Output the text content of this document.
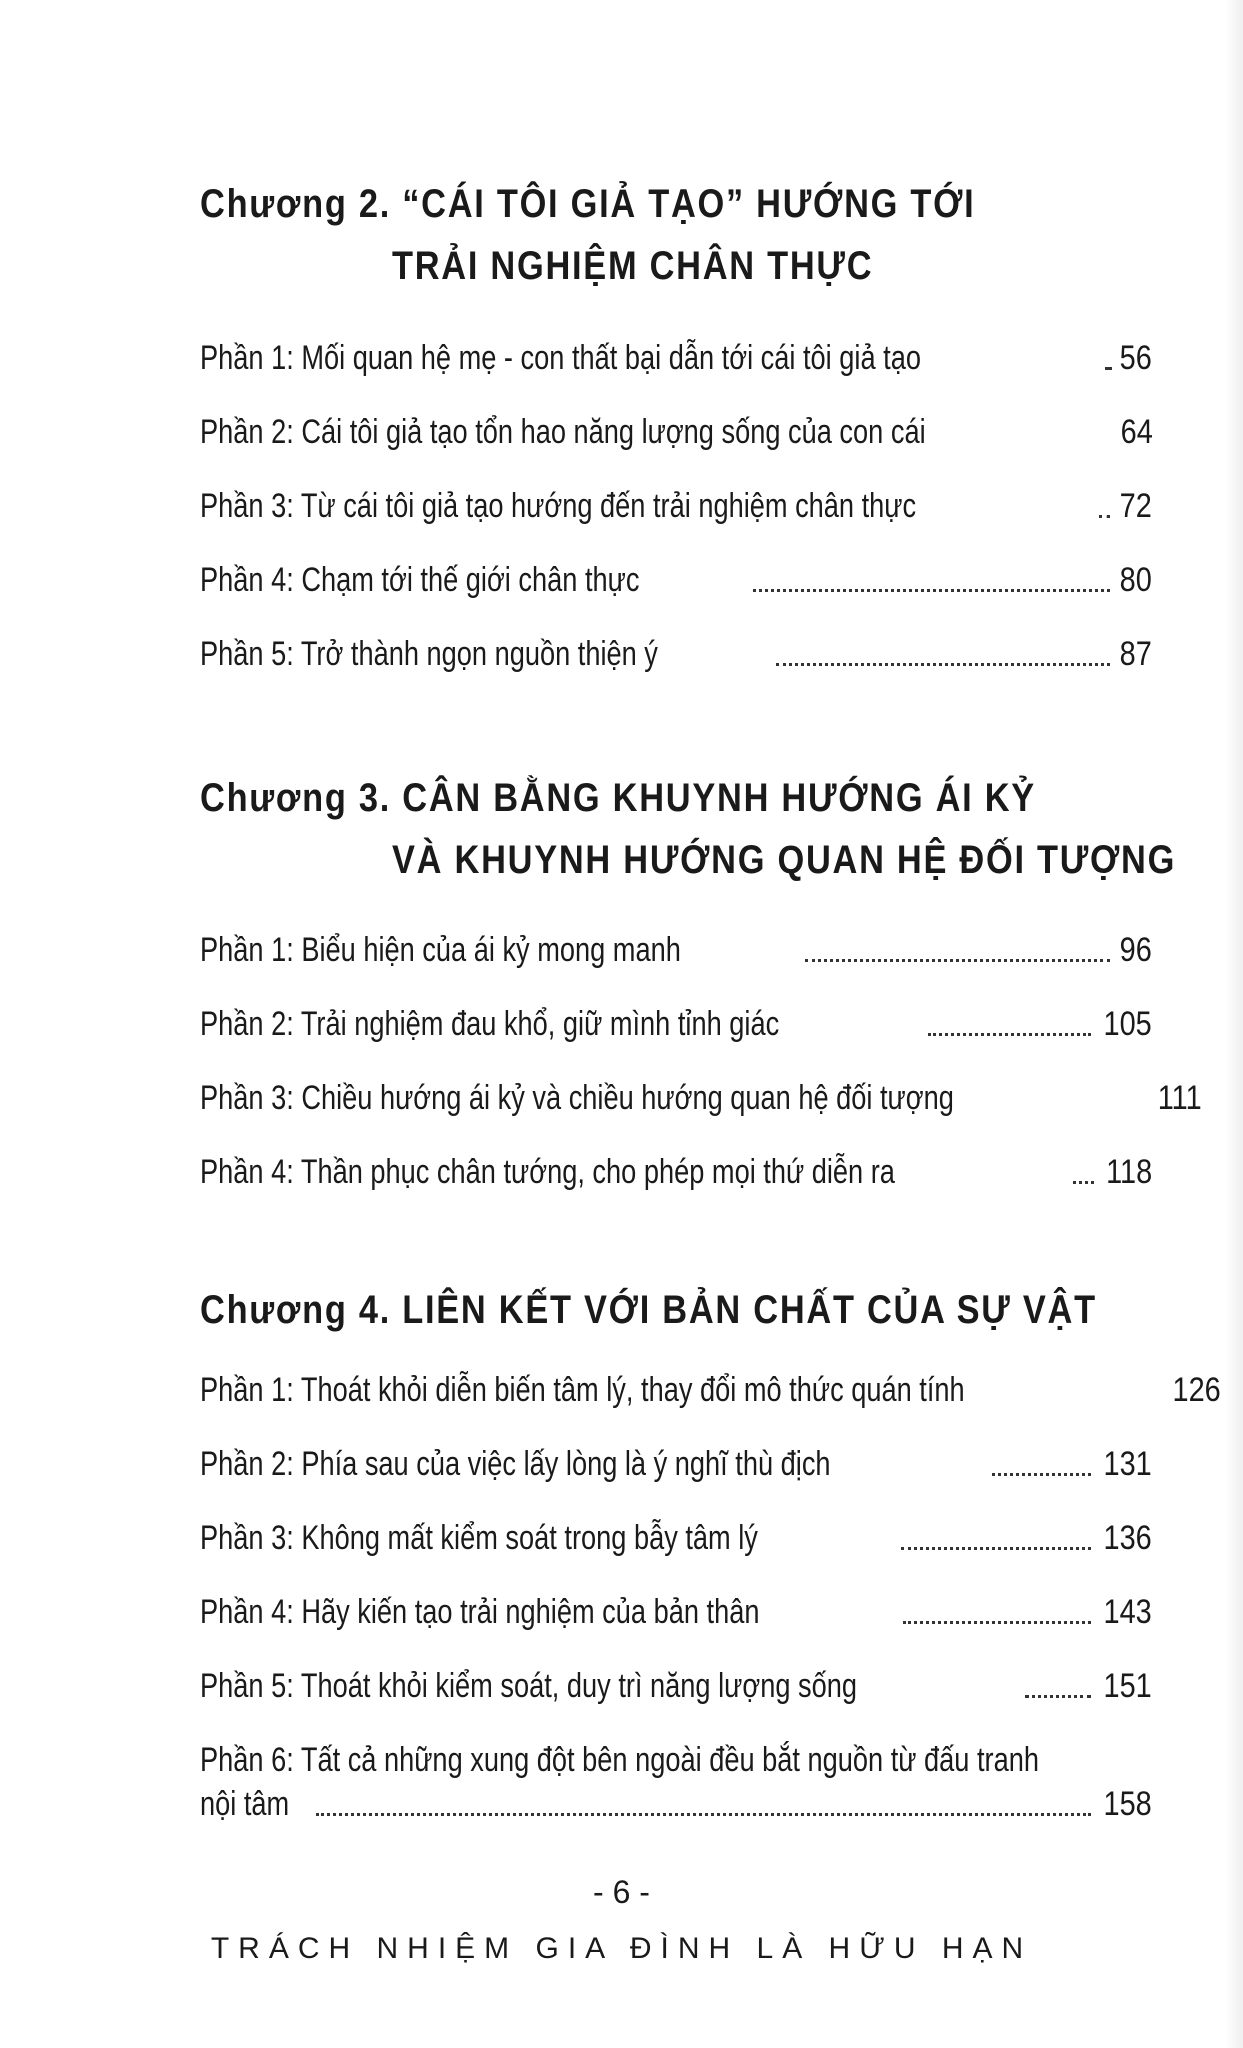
Chương 2. “CÁI TÔI GIẢ TẠO” HƯỚNG TỚI
TRẢI NGHIỆM CHÂN THỰC
Phần 1: Mối quan hệ mẹ - con thất bại dẫn tới cái tôi giả tạo	56
Phần 2: Cái tôi giả tạo tổn hao năng lượng sống của con cái	64
Phần 3: Từ cái tôi giả tạo hướng đến trải nghiệm chân thực	72
Phần 4: Chạm tới thế giới chân thực	80
Phần 5: Trở thành ngọn nguồn thiện ý	87
Chương 3. CÂN BẰNG KHUYNH HƯỚNG ÁI KỶ
VÀ KHUYNH HƯỚNG QUAN HỆ ĐỐI TƯỢNG
Phần 1: Biểu hiện của ái kỷ mong manh	96
Phần 2: Trải nghiệm đau khổ, giữ mình tỉnh giác	105
Phần 3: Chiều hướng ái kỷ và chiều hướng quan hệ đối tượng	111
Phần 4: Thần phục chân tướng, cho phép mọi thứ diễn ra	118
Chương 4. LIÊN KẾT VỚI BẢN CHẤT CỦA SỰ VẬT
Phần 1: Thoát khỏi diễn biến tâm lý, thay đổi mô thức quán tính	126
Phần 2: Phía sau của việc lấy lòng là ý nghĩ thù địch	131
Phần 3: Không mất kiểm soát trong bẫy tâm lý	136
Phần 4: Hãy kiến tạo trải nghiệm của bản thân	143
Phần 5: Thoát khỏi kiểm soát, duy trì năng lượng sống	151
Phần 6: Tất cả những xung đột bên ngoài đều bắt nguồn từ đấu tranh
nội tâm	158
- 6 -
TRÁCH NHIỆM GIA ĐÌNH LÀ HỮU HẠN
